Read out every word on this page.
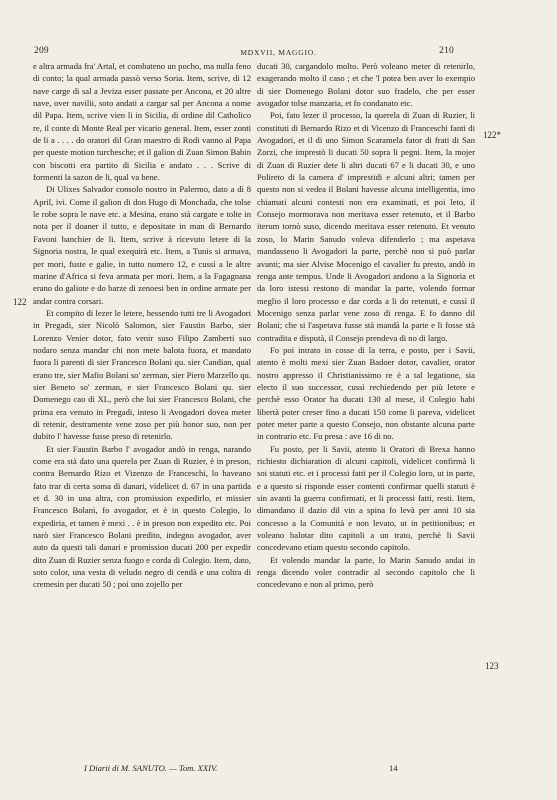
209	MDXVII, MAGGIO.	210
122
122*
123

e altra armada fra' Artal, et combateno un pocho, ma nulla feno di conto; la qual armada passò verso Soria. Item, scrive, di 12 nave carge di sal a Jeviza esser passate per Ancona, et 20 altre nave, over navilii, soto andati a cargar sal per Ancona a nome dil Papa. Item, scrive vien li in Sicilia, di ordine dil Catholico re, il conte di Monte Real per vicario general. Item, esser zonti de li a . . . . do oratori dil Gran maestro di Rodi vanno al Papa per queste motion turchesche; et il galion di Zuan Simon Babin con biscotti era partito di Sicilia e andato . . . Scrive di formenti la sazon de li, qual va bene.

Di Ulixes Salvador consolo nostro in Palermo, dato a dì 8 April, ivi. Come il galion di don Hugo di Monchada, che tolse le robe sopra le nave etc. a Mesina, erano stà cargate e tolte in nota per il doaner il tutto, e depositate in man di Bernardo Favoni banchier de li. Item, scrive à ricevuto letere di la Signoria nostra, le qual exequirà etc. Item, a Tunis si armava, per mori, fuste e galie, in tutto numero 12, e cussì a le altre marine d'Africa si feva armata per mori. Item, a la Fagagnana erano do galiote e do barze di zenoesi ben in ordine armate per andar contra corsari.

Et compito di lezer le letere, hessendo tutti tre li Avogadori in Pregadi, sier Nicolò Salomon, sier Faustin Barbo, sier Lorenzo Venier dotor, fato venir suso Filipo Zamberti suo nodaro senza mandar chi non mete balota fuora, et mandato fuora li parenti di sier Francesco Bolani qu. sier Candian, qual erano tre, sier Mafio Bolani so' zerman, sier Piero Marzello qu. sier Beneto so' zerman, e sier Francesco Bolani qu. sier Domenego cao di XL, però che lui sier Francesco Bolani, che prima era venuto in Pregadi, inteso li Avogadori dovea meter di retenir, destramente vene zoso per più honor suo, non per dubito l' havesse fusse preso di retenirlo.

Et sier Faustin Barbo l' avogador andò in renga, narando come era stà dato una querela per Zuan di Ruzier, è in preson, contra Bernardo Rizo et Vizenzo de Franceschi, lo haveano fato trar di certa soma di danari, videlicet d. 67 in una partida et d. 30 in una altra, con promission expedirlo, et missier Francesco Bolani, fo avogador, et è in questo Colegio, lo expediria, et tamen è mexi . . è in preson non expedito etc. Poi narò sier Francesco Bolani predito, indegno avogador, aver auto da questi tali danari e promission ducati 200 per expedir dito Zuan di Ruzier senza fuogo e corda di Colegio. Item, dato, soto color, una vesta di veludo negro di cendà e una coltra di cremesin per ducati 50 ; poi uno zojello per

ducati 30, cargandolo molto. Però voleano meter di retenirlo, exagerando molto il caso ; et che 'l potea ben aver lo exempio di sier Domenego Bolani dotor suo fradelo, che per esser avogador tolse manzaria, et fo condanato etc.

Poi, fato lezer il processo, la querela di Zuan di Ruzier, li constituti di Bernardo Rizo et di Vicenzo di Franceschi fanti di Avogadori, et il di uno Simon Scaramela fator di frati di San Zorzi, che imprestò li ducati 50 sopra li pegni. Item, la mojer di Zuan di Ruzier dete li altri ducati 67 e li ducati 30, e uno Polireto di la camera d' imprestidi e alcuni altri; tamen per questo non si vedea il Bolani havesse alcuna intelligentia, imo chiamati alcuni contesti non era examinati, et poi leto, il Consejo mormorava non meritava esser retenuto, et il Barbo iterum tornò suso, dicendo meritava esser retenuto. Et venuto zoso, lo Marin Sanudo voleva difenderlo ; ma aspetava mandasseno li Avogadori la parte, perchè non si può parlar avanti; ma sier Alvise Mocenigo el cavalier fu presto, andò in renga ante tempus. Unde li Avogadori andono a la Signoria et da loro istessi restono di mandar la parte, volendo formar meglio il loro processo e dar corda a li do retenuti, e cussì il Mocenigo senza parlar vene zoso di renga. E fo danno dil Bolani; che si l'aspetava fusse stà mandà la parte e li fosse stà contradita e disputà, il Consejo prendeva di no di largo.

Fo poi intrato in cosse di la terra, e posto, per i Savii, atento è molti mexi sier Zuan Badoer dotor, cavalier, orator nostro appresso il Christianissimo re è a tal legatione, sia electo il suo successor, cussì rechiedendo per più letere e perchè esso Orator ha ducati 130 al mese, il Colegio habi libertà poter creser fino a ducati 150 come li pareva, videlicet poter meter parte a questo Consejo, non obstante alcuna parte in contrario etc. Fu presa : ave 16 di no.

Fu posto, per li Savii, atento li Oratori di Brexa hanno richiesto dichiaration di alcuni capitoli, videlicet confirmà li soi statuti etc. et i processi fatti per il Colegio loro, ut in parte, e a questo si risponde esser contenti confirmar quelli statuti è sin avanti la guerra confirmati, et li processi fatti, resti. Item, dimandano il dazio dil vin a spina fo levà per anni 10 sia concesso a la Comunità e non levato, ut in petitionibus; et voleano balotar dito capitoli a un trato, perchè li Savii concedevano etiam questo secondo capitolo.

Et volendo mandar la parte, lo Marin Sanudo andai in renga dicendo voler contradir al secondo capitolo che li concedevano e non al primo, però

I Diarii di M. SANUTO. — Tom. XXIV.	14
